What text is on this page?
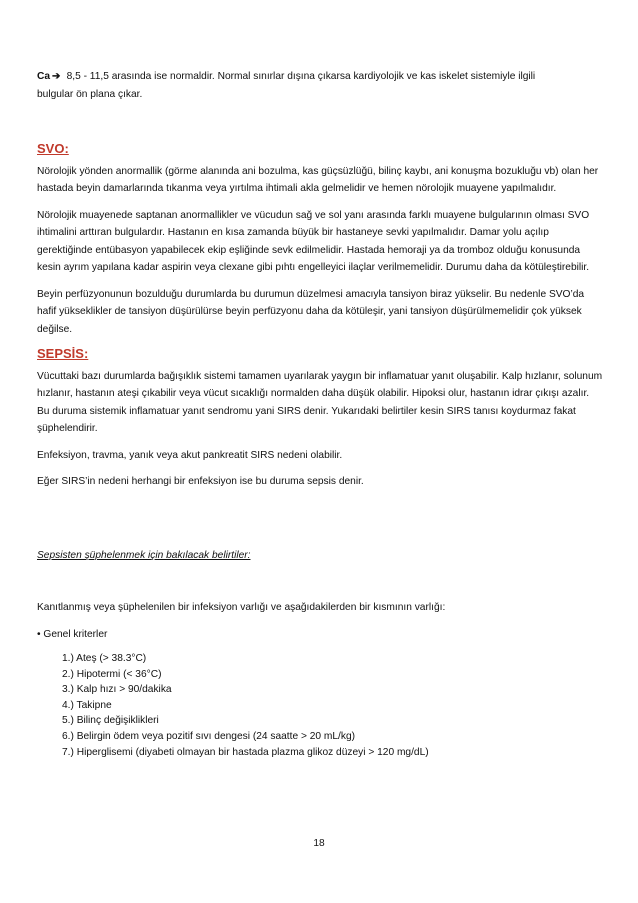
Ca ➔ 8,5 - 11,5 arasında ise normaldir. Normal sınırlar dışına çıkarsa kardiyolojik ve kas iskelet sistemiyle ilgili
bulgular ön plana çıkar.

SVO:

Nörolojik yönden anormallik (görme alanında ani bozulma, kas güçsüzlüğü, bilinç kaybı, ani konuşma bozukluğu vb) olan her hastada beyin damarlarında tıkanma veya yırtılma ihtimali akla gelmelidir ve hemen nörolojik muayene yapılmalıdır.

Nörolojik muayenede saptanan anormallikler ve vücudun sağ ve sol yanı arasında farklı muayene bulgularının olması SVO ihtimalini arttıran bulgulardır. Hastanın en kısa zamanda büyük bir hastaneye sevki yapılmalıdır. Damar yolu açılıp gerektiğinde entübasyon yapabilecek ekip eşliğinde sevk edilmelidir. Hastada hemoraji ya da tromboz olduğu konusunda kesin ayrım yapılana kadar aspirin veya clexane gibi pıhtı engelleyici ilaçlar verilmemelidir. Durumu daha da kötüleştirebilir.

Beyin perfüzyonunun bozulduğu durumlarda bu durumun düzelmesi amacıyla tansiyon biraz yükselir. Bu nedenle SVO’da hafif yükseklikler de tansiyon düşürülürse beyin perfüzyonu daha da kötüleşir, yani tansiyon düşürülmemelidir çok yüksek değilse.

SEPSİS:

Vücuttaki bazı durumlarda bağışıklık sistemi tamamen uyarılarak yaygın bir inflamatuar yanıt oluşabilir. Kalp hızlanır, solunum hızlanır, hastanın ateşi çıkabilir veya vücut sıcaklığı normalden daha düşük olabilir. Hipoksi olur, hastanın idrar çıkışı azalır. Bu duruma sistemik inflamatuar yanıt sendromu yani SIRS denir. Yukarıdaki belirtiler kesin SIRS tanısı koydurmaz fakat şüphelendirir.

Enfeksiyon, travma, yanık veya akut pankreatit SIRS nedeni olabilir.

Eğer SIRS’in nedeni herhangi bir enfeksiyon ise bu duruma sepsis denir.

Sepsisten şüphelenmek için bakılacak belirtiler:

Kanıtlanmış veya şüphelenilen bir infeksiyon varlığı ve aşağıdakilerden bir kısmının varlığı:

• Genel kriterler

1.) Ateş (> 38.3°C)
2.) Hipotermi (< 36°C)
3.) Kalp hızı > 90/dakika
4.) Takipne
5.) Bilinç değişiklikleri
6.) Belirgin ödem veya pozitif sıvı dengesi (24 saatte > 20 mL/kg)
7.) Hiperglisemi (diyabeti olmayan bir hastada plazma glikoz düzeyi > 120 mg/dL)
18
